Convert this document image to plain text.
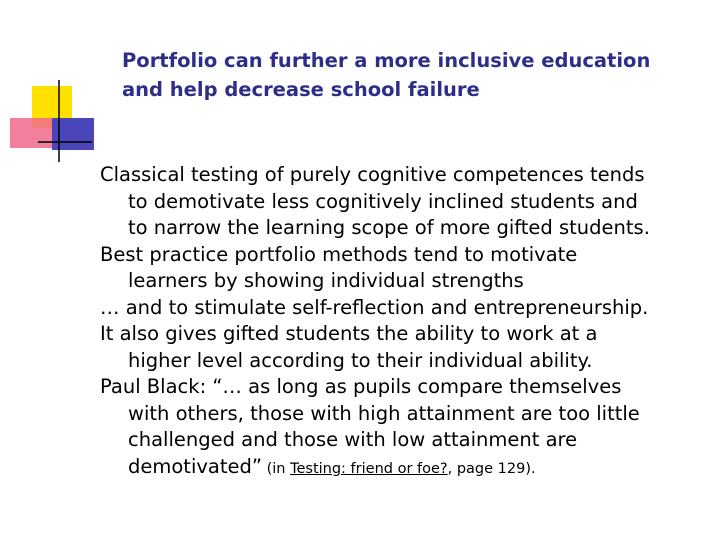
Portfolio can further a more inclusive education
and help decrease school failure

Classical testing of purely cognitive competences tends
to demotivate less cognitively inclined students and
to narrow the learning scope of more gifted students.

Best practice portfolio methods tend to motivate
learners by showing individual strengths

… and to stimulate self-reflection and entrepreneurship.

It also gives gifted students the ability to work at a
higher level according to their individual ability.

Paul Black: “… as long as pupils compare themselves
with others, those with high attainment are too little
challenged and those with low attainment are
demotivated” (in Testing: friend or foe?, page 129).
